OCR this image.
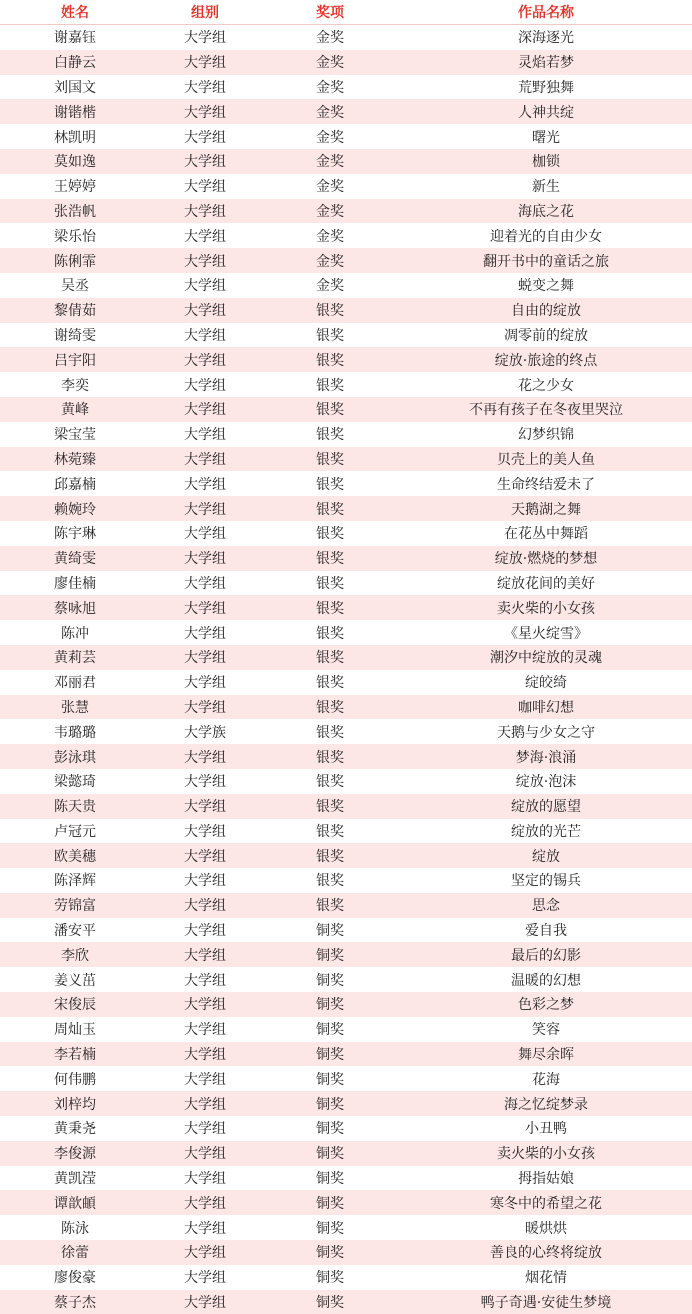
姓名	组别	奖项	作品名称
谢嘉钰	大学组	金奖	深海逐光
白静云	大学组	金奖	灵焰若梦
刘国文	大学组	金奖	荒野独舞
谢锴楷	大学组	金奖	人神共绽
林凯明	大学组	金奖	曙光
莫如逸	大学组	金奖	枷锁
王婷婷	大学组	金奖	新生
张浩帆	大学组	金奖	海底之花
梁乐怡	大学组	金奖	迎着光的自由少女
陈俐霏	大学组	金奖	翻开书中的童话之旅
吴丞	大学组	金奖	蜕变之舞
黎倩茹	大学组	银奖	自由的绽放
谢绮雯	大学组	银奖	凋零前的绽放
吕宇阳	大学组	银奖	绽放·旅途的终点
李奕	大学组	银奖	花之少女
黄峰	大学组	银奖	不再有孩子在冬夜里哭泣
梁宝莹	大学组	银奖	幻梦织锦
林菀臻	大学组	银奖	贝壳上的美人鱼
邱嘉楠	大学组	银奖	生命终结爱未了
赖婉玲	大学组	银奖	天鹅湖之舞
陈宇琳	大学组	银奖	在花丛中舞蹈
黄绮雯	大学组	银奖	绽放·燃烧的梦想
廖佳楠	大学组	银奖	绽放花间的美好
蔡咏旭	大学组	银奖	卖火柴的小女孩
陈冲	大学组	银奖	《星火绽雪》
黄莉芸	大学组	银奖	潮汐中绽放的灵魂
邓丽君	大学组	银奖	绽皎绮
张慧	大学组	银奖	咖啡幻想
韦璐璐	大学族	银奖	天鹅与少女之守
彭泳琪	大学组	银奖	梦海·浪涌
梁懿琦	大学组	银奖	绽放·泡沫
陈天贵	大学组	银奖	绽放的愿望
卢冠元	大学组	银奖	绽放的光芒
欧美穗	大学组	银奖	绽放
陈泽辉	大学组	银奖	坚定的锡兵
劳锦富	大学组	银奖	思念
潘安平	大学组	铜奖	爱自我
李欣	大学组	铜奖	最后的幻影
姜义茁	大学组	铜奖	温暖的幻想
宋俊辰	大学组	铜奖	色彩之梦
周灿玉	大学组	铜奖	笑容
李若楠	大学组	铜奖	舞尽余晖
何伟鹏	大学组	铜奖	花海
刘梓均	大学组	铜奖	海之忆绽梦录
黄秉尧	大学组	铜奖	小丑鸭
李俊源	大学组	铜奖	卖火柴的小女孩
黄凯滢	大学组	铜奖	拇指姑娘
谭歆頔	大学组	铜奖	寒冬中的希望之花
陈泳	大学组	铜奖	暖烘烘
徐蕾	大学组	铜奖	善良的心终将绽放
廖俊豪	大学组	铜奖	烟花情
蔡子杰	大学组	铜奖	鸭子奇遇·安徒生梦境
